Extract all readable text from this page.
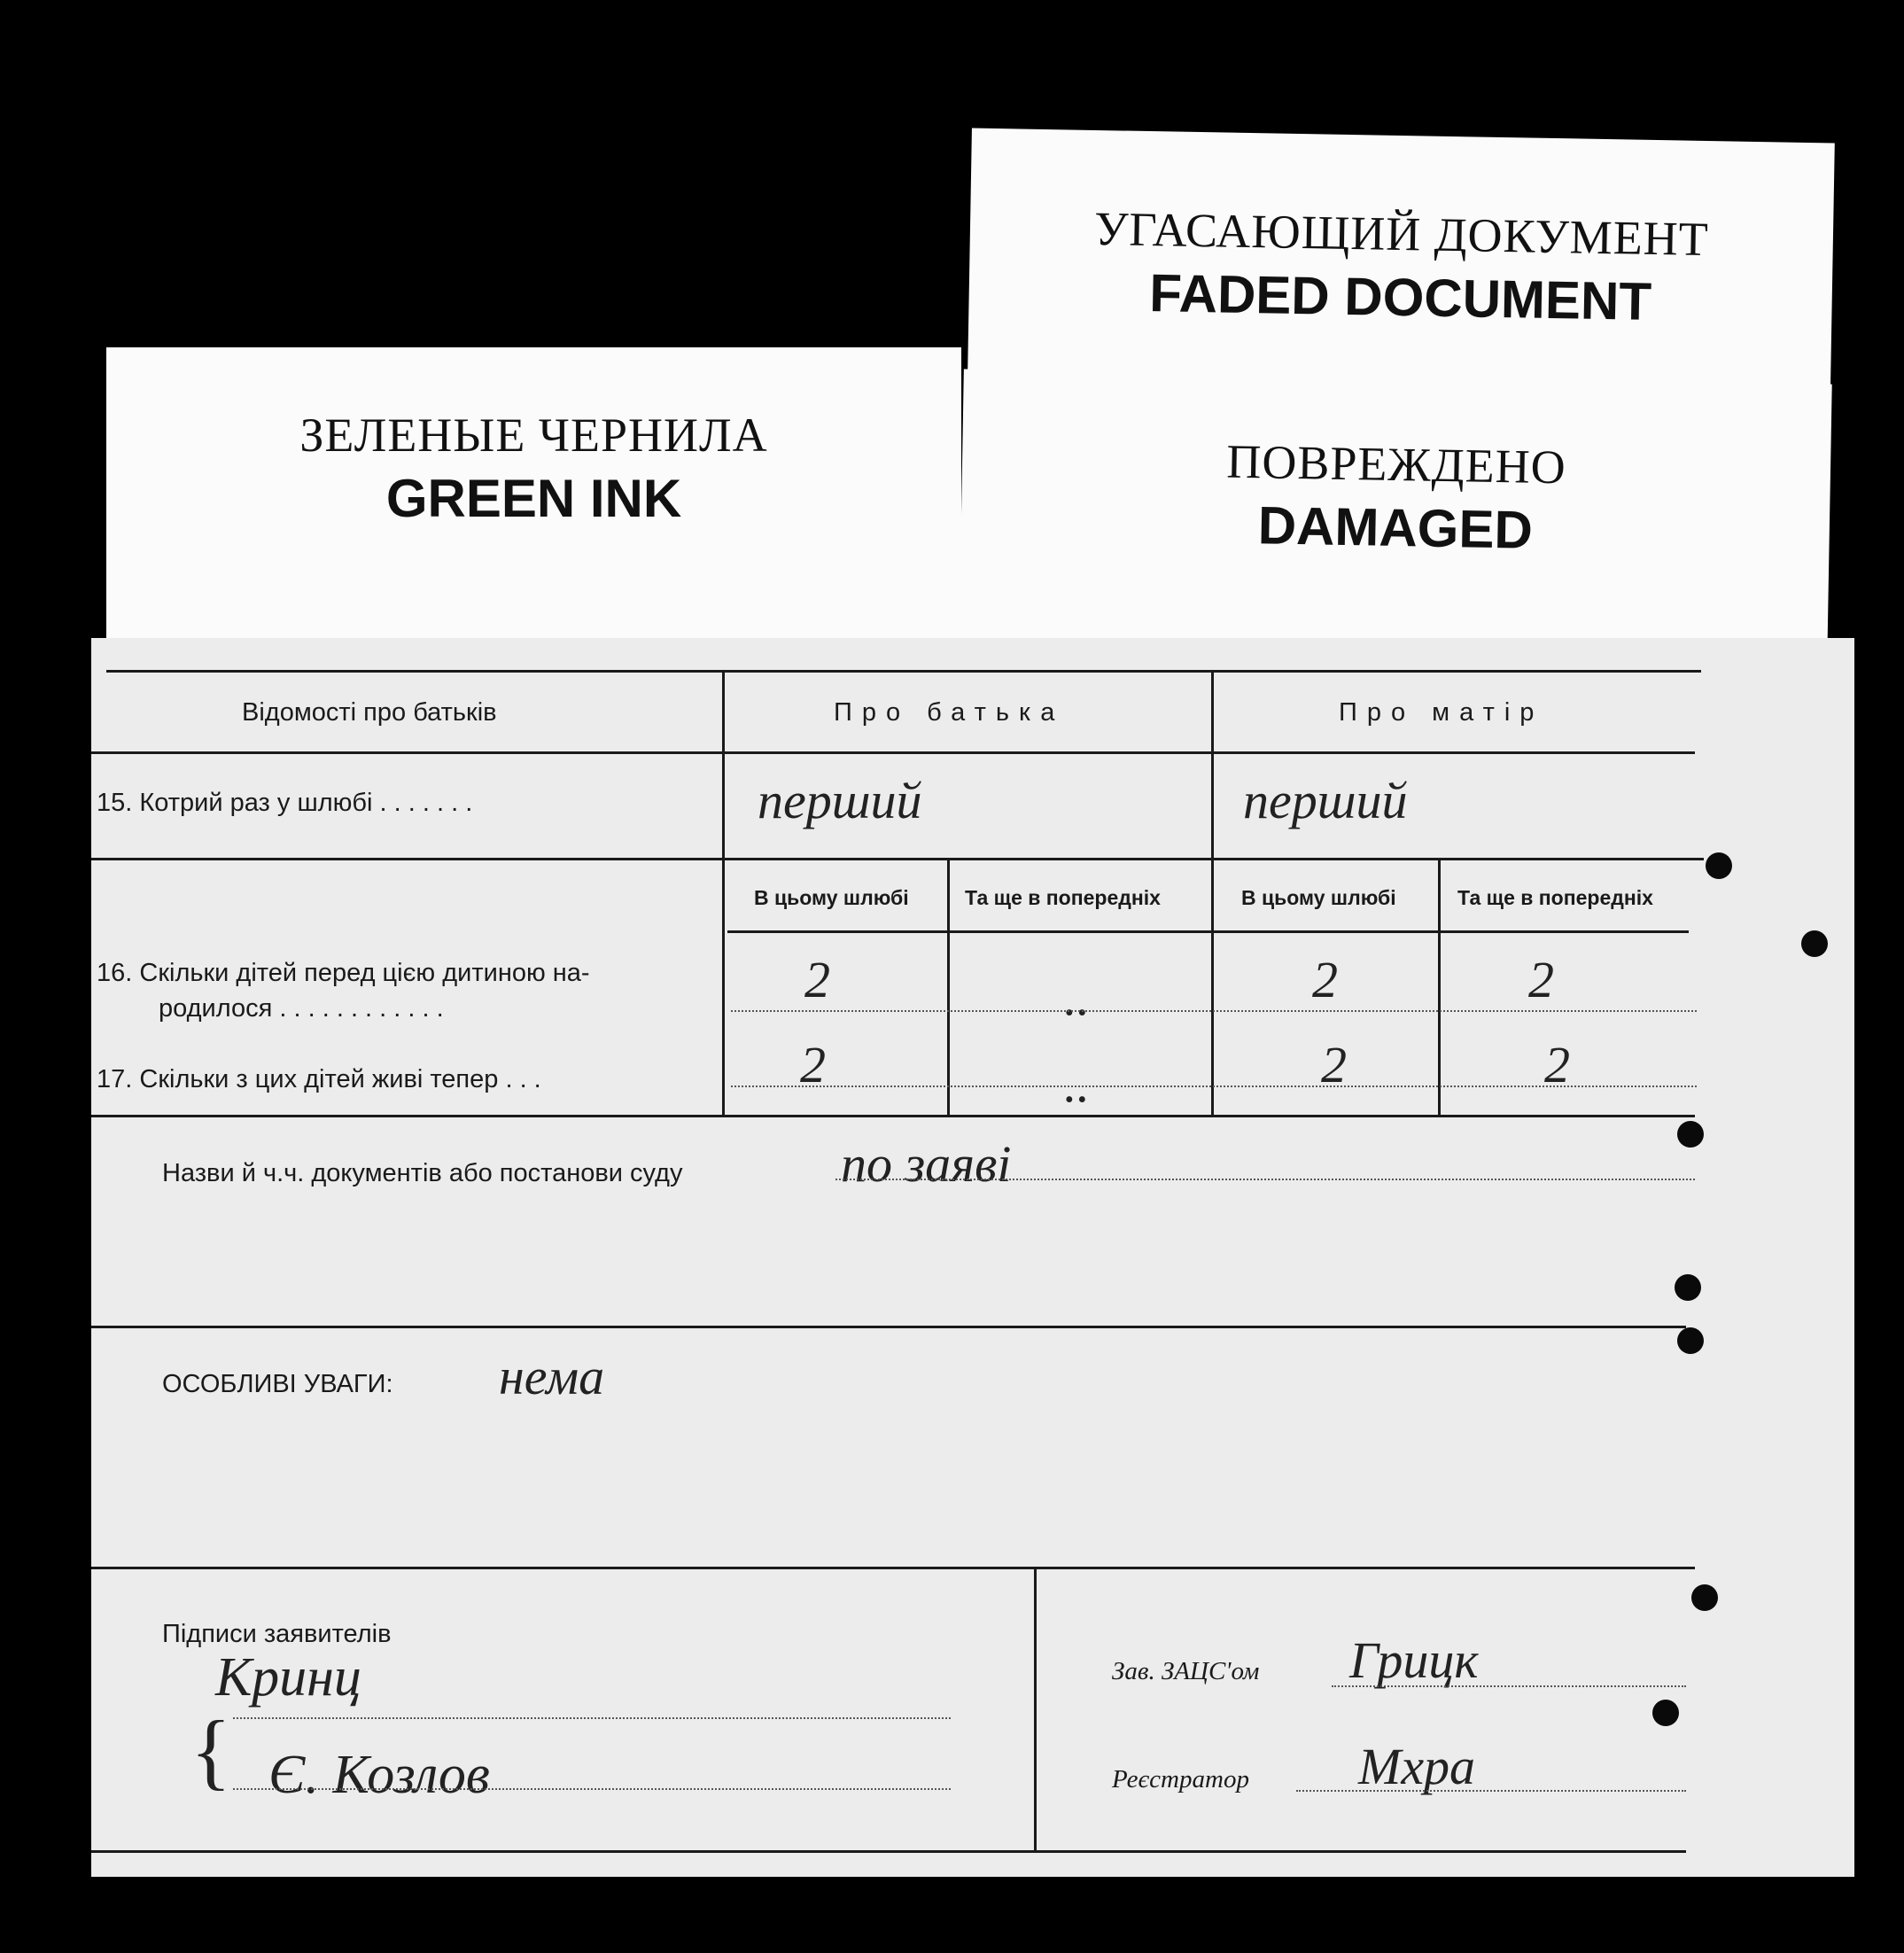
УГАСАЮЩИЙ ДОКУМЕНТ
FADED DOCUMENT
ЗЕЛЕНЫЕ ЧЕРНИЛА
GREEN INK
ПОВРЕЖДЕНО
DAMAGED
Відомості про батьків	Про батька	Про матір
15. Котрий раз у шлюбі . . . . . . .	перший	перший
В цьому шлюбі	Та ще в попередніх	В цьому шлюбі	Та ще в попередніх
16. Скільки дітей перед цією дитиною на-
родилося . . . . . . . . . . . .	2	..	2	2
17. Скільки з цих дітей живі тепер . . .	2	..	2	2
Назви й ч.ч. документів або постанови суду	по заяві
ОСОБЛИВІ УВАГИ: нема
Підписи заявителів
Кринц
{ Є. Козлов
Зав. ЗАЦС'ом Грицк
Реєстратор Мхра
